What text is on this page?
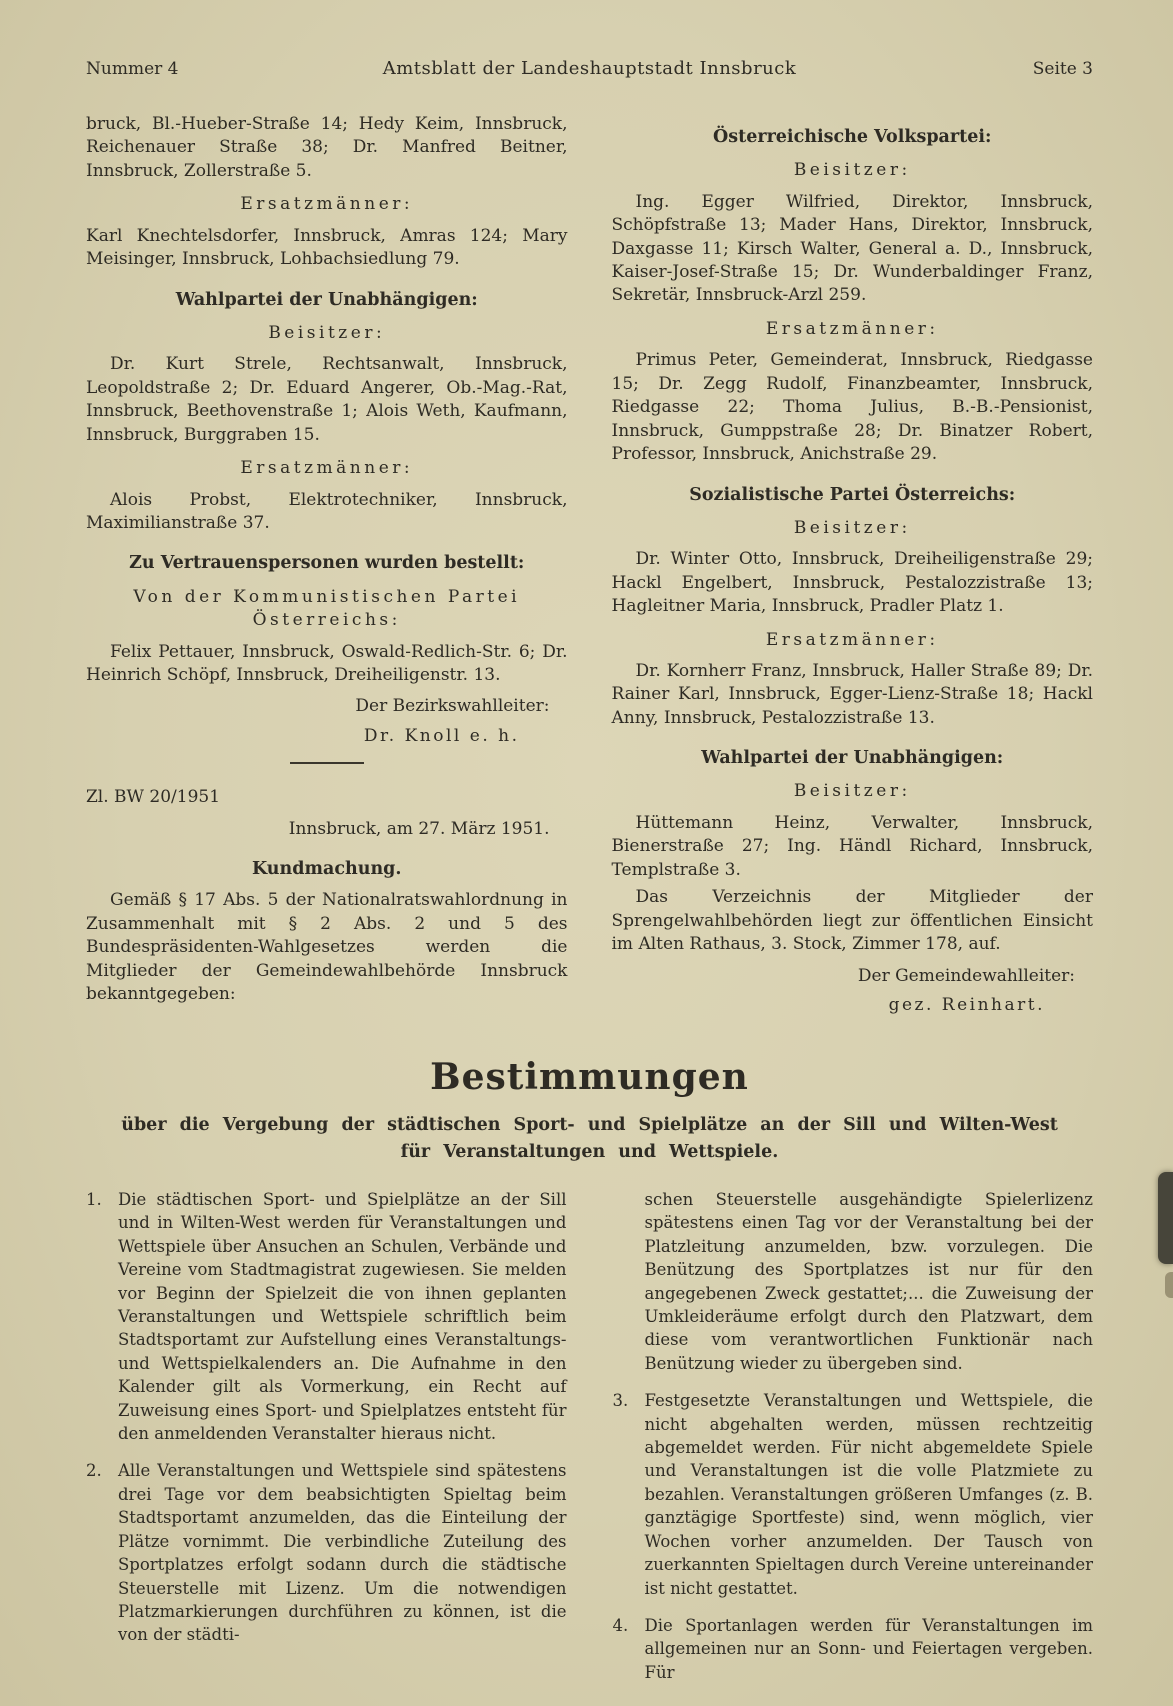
Nummer 4	Amtsblatt der Landeshauptstadt Innsbruck	Seite 3
bruck, Bl.-Hueber-Straße 14; Hedy Keim, Innsbruck, Reichenauer Straße 38; Dr. Manfred Beitner, Innsbruck, Zollerstraße 5.
Ersatzmänner:
Karl Knechtelsdorfer, Innsbruck, Amras 124; Mary Meisinger, Innsbruck, Lohbachsiedlung 79.
Wahlpartei der Unabhängigen:
Beisitzer:
Dr. Kurt Strele, Rechtsanwalt, Innsbruck, Leopoldstraße 2; Dr. Eduard Angerer, Ob.-Mag.-Rat, Innsbruck, Beethovenstraße 1; Alois Weth, Kaufmann, Innsbruck, Burggraben 15.
Ersatzmänner:
Alois Probst, Elektrotechniker, Innsbruck, Maximilianstraße 37.
Zu Vertrauenspersonen wurden bestellt:
Von der Kommunistischen Partei Österreichs:
Felix Pettauer, Innsbruck, Oswald-Redlich-Str. 6; Dr. Heinrich Schöpf, Innsbruck, Dreiheiligenstr. 13.
Der Bezirkswahlleiter:
Dr. Knoll e. h.
Zl. BW 20/1951
Innsbruck, am 27. März 1951.
Kundmachung.
Gemäß § 17 Abs. 5 der Nationalratswahlordnung in Zusammenhalt mit § 2 Abs. 2 und 5 des Bundespräsidenten-Wahlgesetzes werden die Mitglieder der Gemeindewahlbehörde Innsbruck bekanntgegeben:
Österreichische Volkspartei:
Beisitzer:
Ing. Egger Wilfried, Direktor, Innsbruck, Schöpfstraße 13; Mader Hans, Direktor, Innsbruck, Daxgasse 11; Kirsch Walter, General a. D., Innsbruck, Kaiser-Josef-Straße 15; Dr. Wunderbaldinger Franz, Sekretär, Innsbruck-Arzl 259.
Ersatzmänner:
Primus Peter, Gemeinderat, Innsbruck, Riedgasse 15; Dr. Zegg Rudolf, Finanzbeamter, Innsbruck, Riedgasse 22; Thoma Julius, B.-B.-Pensionist, Innsbruck, Gumppstraße 28; Dr. Binatzer Robert, Professor, Innsbruck, Anichstraße 29.
Sozialistische Partei Österreichs:
Beisitzer:
Dr. Winter Otto, Innsbruck, Dreiheiligenstraße 29; Hackl Engelbert, Innsbruck, Pestalozzistraße 13; Hagleitner Maria, Innsbruck, Pradler Platz 1.
Ersatzmänner:
Dr. Kornherr Franz, Innsbruck, Haller Straße 89; Dr. Rainer Karl, Innsbruck, Egger-Lienz-Straße 18; Hackl Anny, Innsbruck, Pestalozzistraße 13.
Wahlpartei der Unabhängigen:
Beisitzer:
Hüttemann Heinz, Verwalter, Innsbruck, Bienerstraße 27; Ing. Händl Richard, Innsbruck, Templstraße 3.
Das Verzeichnis der Mitglieder der Sprengelwahlbehörden liegt zur öffentlichen Einsicht im Alten Rathaus, 3. Stock, Zimmer 178, auf.
Der Gemeindewahlleiter:
gez. Reinhart.
Bestimmungen
über die Vergebung der städtischen Sport- und Spielplätze an der Sill und Wilten-West für Veranstaltungen und Wettspiele.
1. Die städtischen Sport- und Spielplätze an der Sill und in Wilten-West werden für Veranstaltungen und Wettspiele über Ansuchen an Schulen, Verbände und Vereine vom Stadtmagistrat zugewiesen. Sie melden vor Beginn der Spielzeit die von ihnen geplanten Veranstaltungen und Wettspiele schriftlich beim Stadtsportamt zur Aufstellung eines Veranstaltungs- und Wettspielkalenders an. Die Aufnahme in den Kalender gilt als Vormerkung, ein Recht auf Zuweisung eines Sport- und Spielplatzes entsteht für den anmeldenden Veranstalter hieraus nicht.
2. Alle Veranstaltungen und Wettspiele sind spätestens drei Tage vor dem beabsichtigten Spieltag beim Stadtsportamt anzumelden, das die Einteilung der Plätze vornimmt. Die verbindliche Zuteilung des Sportplatzes erfolgt sodann durch die städtische Steuerstelle mit Lizenz. Um die notwendigen Platzmarkierungen durchführen zu können, ist die von der städti-
schen Steuerstelle ausgehändigte Spielerlizenz spätestens einen Tag vor der Veranstaltung bei der Platzleitung anzumelden, bzw. vorzulegen. Die Benützung des Sportplatzes ist nur für den angegebenen Zweck gestattet;... die Zuweisung der Umkleideräume erfolgt durch den Platzwart, dem diese vom verantwortlichen Funktionär nach Benützung wieder zu übergeben sind.
3. Festgesetzte Veranstaltungen und Wettspiele, die nicht abgehalten werden, müssen rechtzeitig abgemeldet werden. Für nicht abgemeldete Spiele und Veranstaltungen ist die volle Platzmiete zu bezahlen. Veranstaltungen größeren Umfanges (z. B. ganztägige Sportfeste) sind, wenn möglich, vier Wochen vorher anzumelden. Der Tausch von zuerkannten Spieltagen durch Vereine untereinander ist nicht gestattet.
4. Die Sportanlagen werden für Veranstaltungen im allgemeinen nur an Sonn- und Feiertagen vergeben. Für
